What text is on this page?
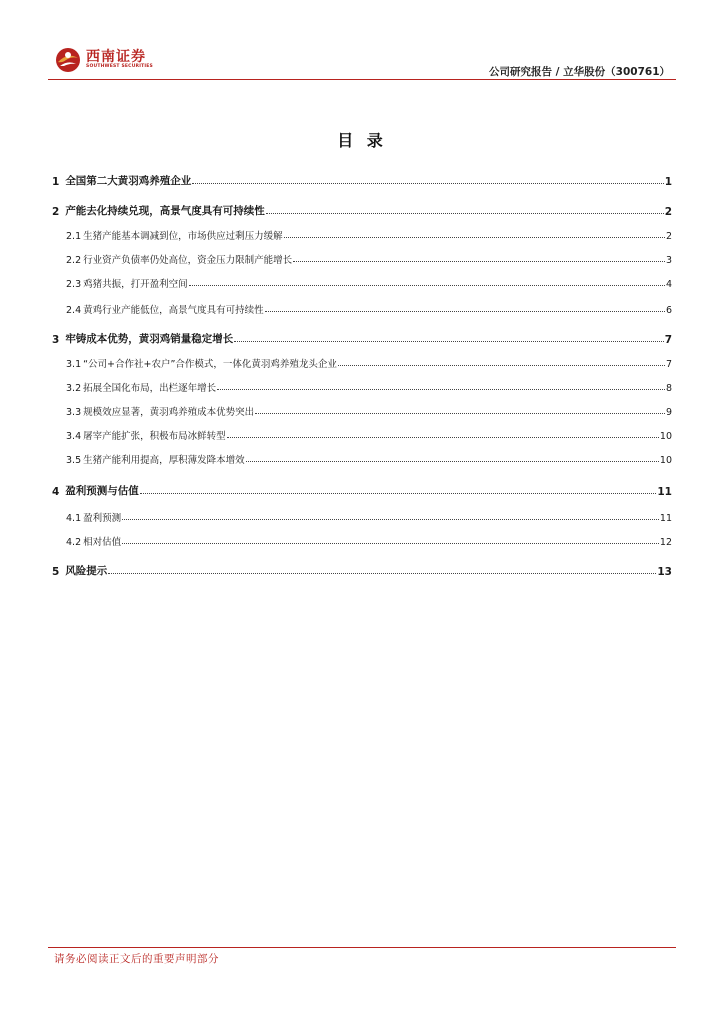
西南证券
SOUTHWEST SECURITIES	公司研究报告 / 立华股份（300761）
目 录
1 全国第二大黄羽鸡养殖企业	1
2 产能去化持续兑现，高景气度具有可持续性	2
2.1 生猪产能基本调减到位，市场供应过剩压力缓解	2
2.2 行业资产负债率仍处高位，资金压力限制产能增长	3
2.3 鸡猪共振，打开盈利空间	4
2.4 黄鸡行业产能低位，高景气度具有可持续性	6
3 牢铸成本优势，黄羽鸡销量稳定增长	7
3.1 “公司+合作社+农户”合作模式，一体化黄羽鸡养殖龙头企业	7
3.2 拓展全国化布局，出栏逐年增长	8
3.3 规模效应显著，黄羽鸡养殖成本优势突出	9
3.4 屠宰产能扩张，积极布局冰鲜转型	10
3.5 生猪产能利用提高，厚积薄发降本增效	10
4 盈利预测与估值	11
4.1 盈利预测	11
4.2 相对估值	12
5 风险提示	13
请务必阅读正文后的重要声明部分
